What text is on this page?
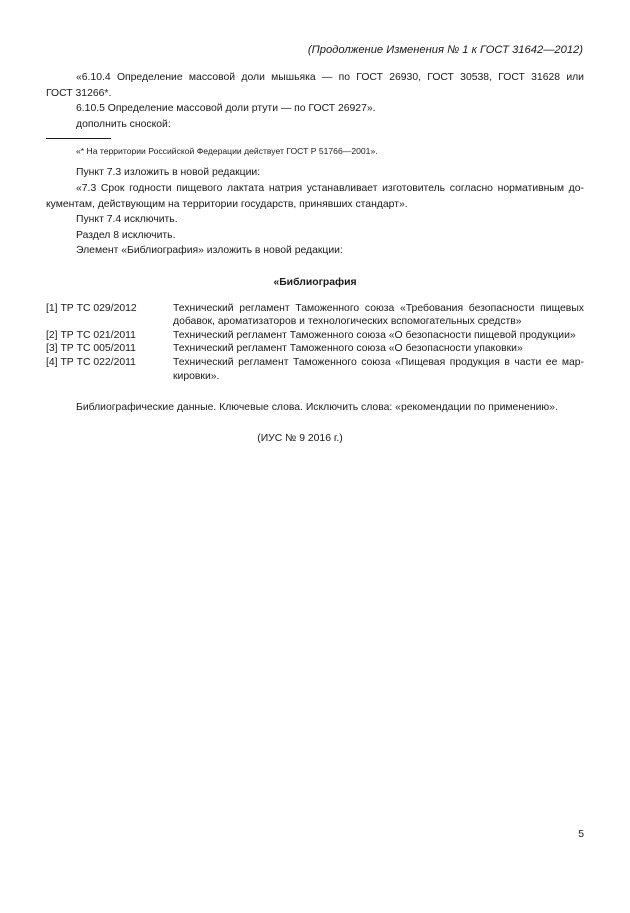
(Продолжение Изменения № 1 к ГОСТ 31642—2012)

«6.10.4 Определение массовой доли мышьяка — по ГОСТ 26930, ГОСТ 30538, ГОСТ 31628 или

ГОСТ 31266*.

6.10.5 Определение массовой доли ртути — по ГОСТ 26927».

дополнить сноской:

«* На территории Российской Федерации действует ГОСТ Р 51766—2001».

Пункт 7.3 изложить в новой редакции:

«7.3 Срок годности пищевого лактата натрия устанавливает изготовитель согласно нормативным до-

кументам, действующим на территории государств, принявших стандарт».

Пункт 7.4 исключить.

Раздел 8 исключить.

Элемент «Библиография» изложить в новой редакции:

«Библиография
[1] ТР ТС 029/2012	Технический регламент Таможенного союза «Требования безопасности пищевых
добавок, ароматизаторов и технологических вспомогательных средств»
[2] ТР ТС 021/2011	Технический регламент Таможенного союза «О безопасности пищевой продукции»
[3] ТР ТС 005/2011	Технический регламент Таможенного союза «О безопасности упаковки»
[4] ТР ТС 022/2011	Технический регламент Таможенного союза «Пищевая продукция в части ее мар-
кировки».

Библиографические данные. Ключевые слова. Исключить слова: «рекомендации по применению».

(ИУС № 9 2016 г.)

5
